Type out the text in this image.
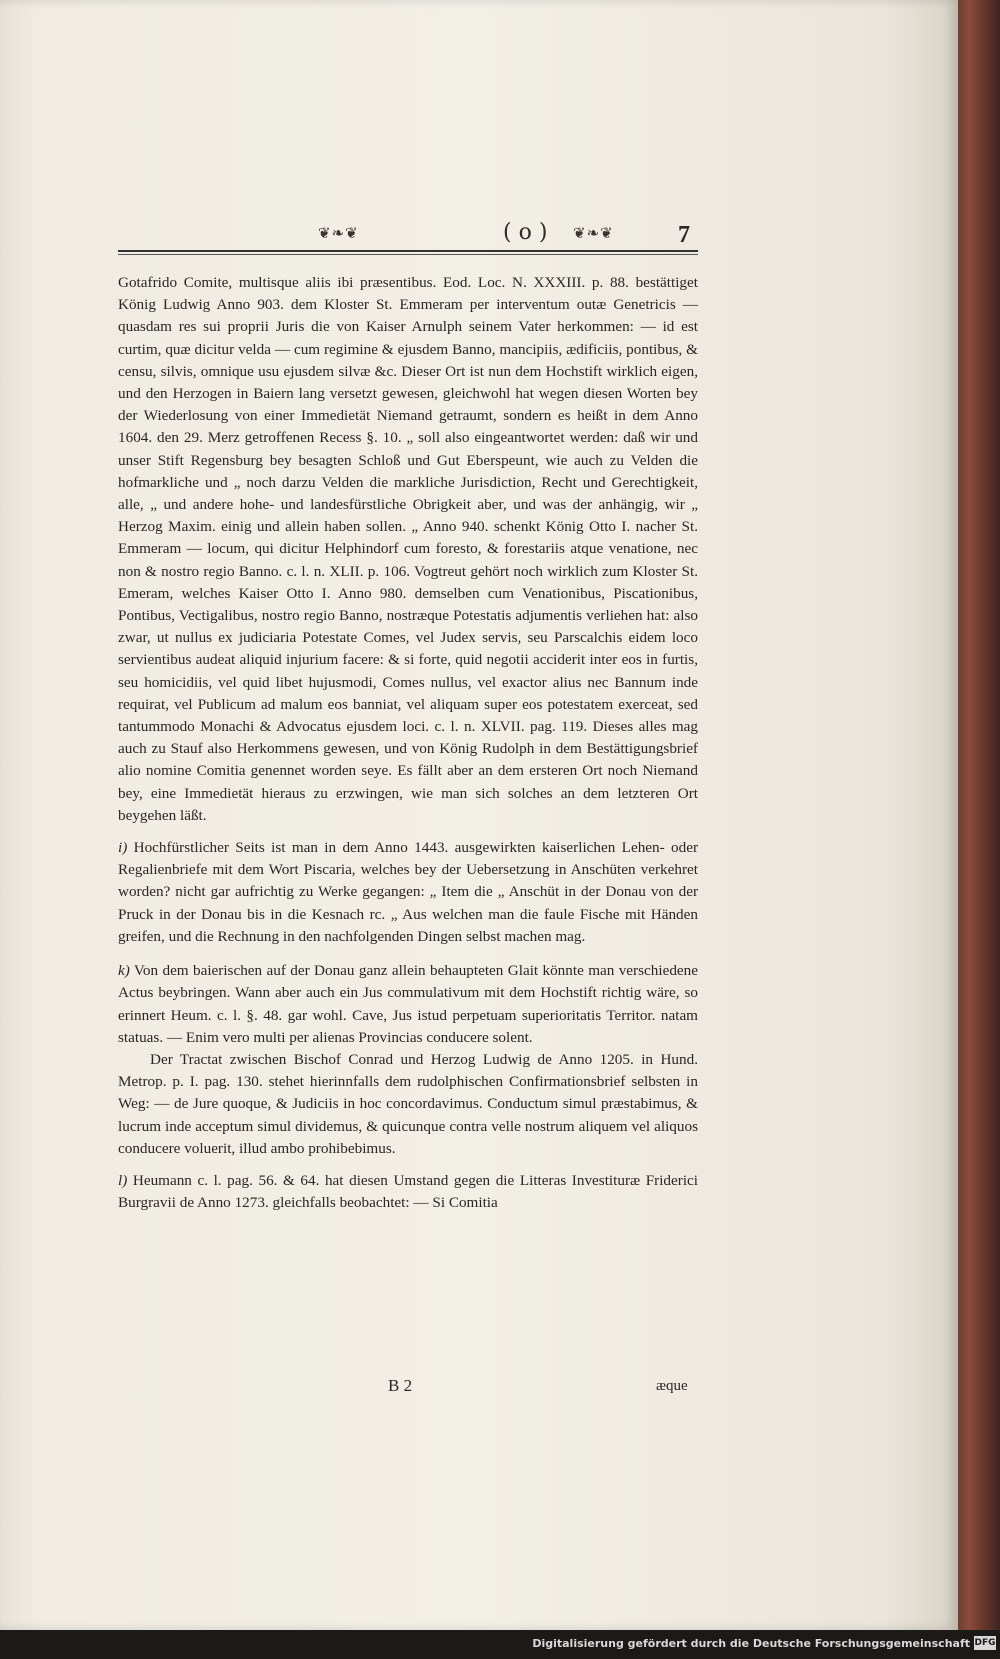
❦❧❦	( o ) ❦❧❦	7

Gotafrido Comite, multisque aliis ibi præsentibus. Eod. Loc. N. XXXIII. p. 88. bestättiget König Ludwig Anno 903. dem Kloster St. Emmeram per interventum outæ Genetricis — quasdam res sui proprii Juris die von Kaiser Arnulph seinem Vater herkommen: — id est curtim, quæ dicitur velda — cum regimine & ejusdem Banno, mancipiis, ædificiis, pontibus, & censu, silvis, omnique usu ejusdem silvæ &c. Dieser Ort ist nun dem Hochstift wirklich eigen, und den Herzogen in Baiern lang versetzt gewesen, gleichwohl hat wegen diesen Worten bey der Wiederlosung von einer Immedietät Niemand getraumt, sondern es heißt in dem Anno 1604. den 29. Merz getroffenen Recess §. 10. „ soll also eingeantwortet werden: daß wir und unser Stift Regensburg bey besagten Schloß und Gut Eberspeunt, wie auch zu Velden die hofmarkliche und „ noch darzu Velden die markliche Jurisdiction, Recht und Gerechtigkeit, alle, „ und andere hohe- und landesfürstliche Obrigkeit aber, und was der anhängig, wir „ Herzog Maxim. einig und allein haben sollen. „ Anno 940. schenkt König Otto I. nacher St. Emmeram — locum, qui dicitur Helphindorf cum foresto, & forestariis atque venatione, nec non & nostro regio Banno. c. l. n. XLII. p. 106. Vogtreut gehört noch wirklich zum Kloster St. Emeram, welches Kaiser Otto I. Anno 980. demselben cum Venationibus, Piscationibus, Pontibus, Vectigalibus, nostro regio Banno, nostræque Potestatis adjumentis verliehen hat: also zwar, ut nullus ex judiciaria Potestate Comes, vel Judex servis, seu Parscalchis eidem loco servientibus audeat aliquid injurium facere: & si forte, quid negotii acciderit inter eos in furtis, seu homicidiis, vel quid libet hujusmodi, Comes nullus, vel exactor alius nec Bannum inde requirat, vel Publicum ad malum eos banniat, vel aliquam super eos potestatem exerceat, sed tantummodo Monachi & Advocatus ejusdem loci. c. l. n. XLVII. pag. 119. Dieses alles mag auch zu Stauf also Herkommens gewesen, und von König Rudolph in dem Bestättigungsbrief alio nomine Comitia genennet worden seye. Es fällt aber an dem ersteren Ort noch Niemand bey, eine Immedietät hieraus zu erzwingen, wie man sich solches an dem letzteren Ort beygehen läßt.

i) Hochfürstlicher Seits ist man in dem Anno 1443. ausgewirkten kaiserlichen Lehen- oder Regalienbriefe mit dem Wort Piscaria, welches bey der Uebersetzung in Anschüten verkehret worden? nicht gar aufrichtig zu Werke gegangen: „ Item die „ Anschüt in der Donau von der Pruck in der Donau bis in die Kesnach rc. „ Aus welchen man die faule Fische mit Händen greifen, und die Rechnung in den nachfolgenden Dingen selbst machen mag.

k) Von dem baierischen auf der Donau ganz allein behaupteten Glait könnte man verschiedene Actus beybringen. Wann aber auch ein Jus commulativum mit dem Hochstift richtig wäre, so erinnert Heum. c. l. §. 48. gar wohl. Cave, Jus istud perpetuam superioritatis Territor. natam statuas. — Enim vero multi per alienas Provincias conducere solent.

Der Tractat zwischen Bischof Conrad und Herzog Ludwig de Anno 1205. in Hund. Metrop. p. I. pag. 130. stehet hierinnfalls dem rudolphischen Confirmationsbrief selbsten in Weg: — de Jure quoque, & Judiciis in hoc concordavimus. Conductum simul præstabimus, & lucrum inde acceptum simul dividemus, & quicunque contra velle nostrum aliquem vel aliquos conducere voluerit, illud ambo prohibebimus.

l) Heumann c. l. pag. 56. & 64. hat diesen Umstand gegen die Litteras Investituræ Friderici Burgravii de Anno 1273. gleichfalls beobachtet: — Si Comitia

B 2	æque
Digitalisierung gefördert durch die Deutsche Forschungsgemeinschaft DFG
